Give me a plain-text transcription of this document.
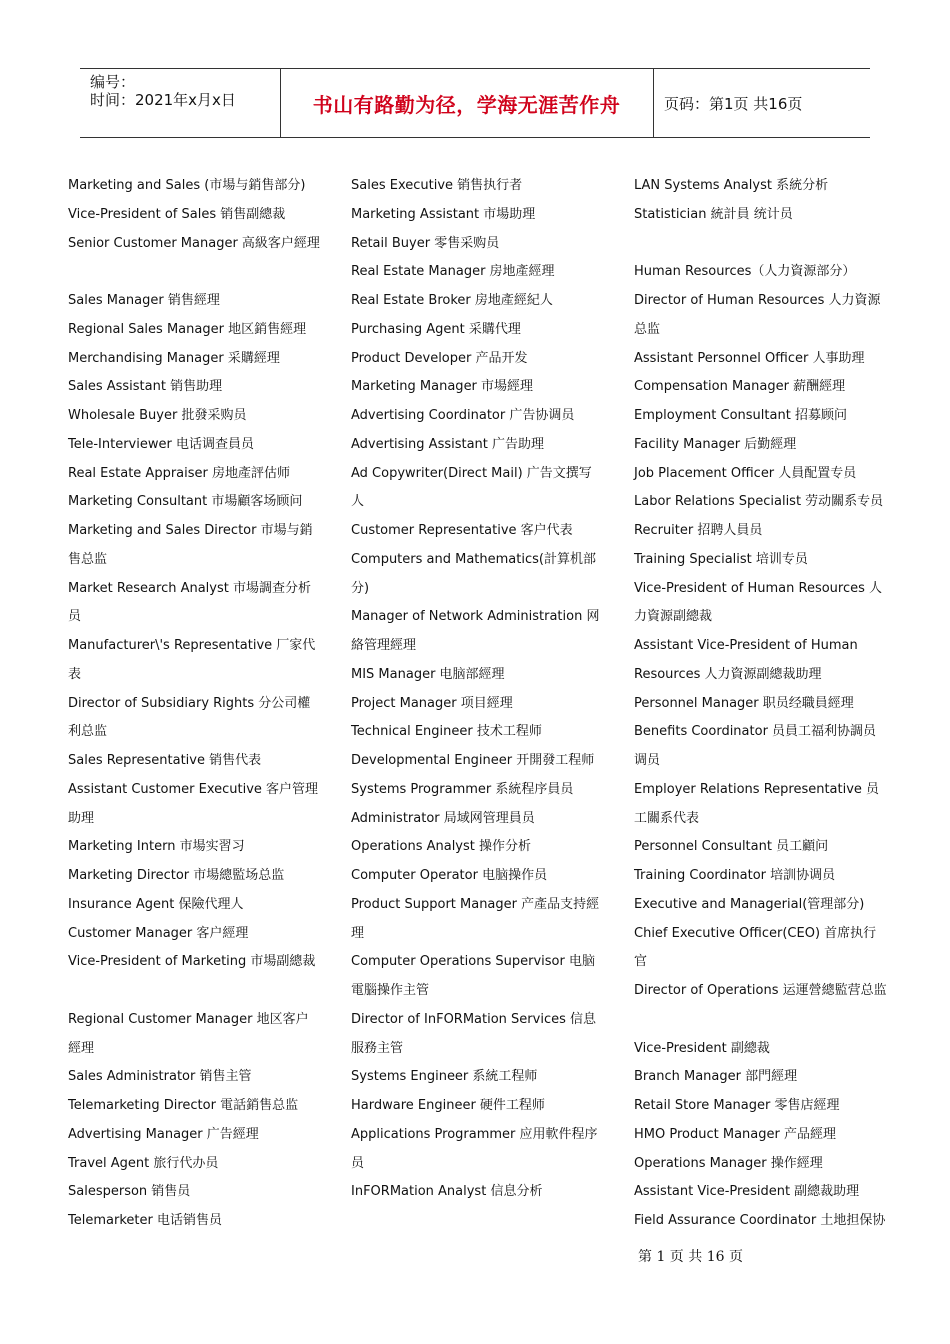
编号：
时间：2021年x月x日	书山有路勤为径，学海无涯苦作舟	页码：第1页 共16页
Marketing and Sales (市場与銷售部分)
Vice-President of Sales 销售副總裁
Senior Customer Manager 高級客户經理
Sales Manager 销售經理
Regional Sales Manager 地区銷售經理
Merchandising Manager 采購經理
Sales Assistant 销售助理
Wholesale Buyer 批發采购员
Tele-Interviewer 电话调查員员
Real Estate Appraiser 房地產評估师
Marketing Consultant 市場顧客场顾问
Marketing and Sales Director 市場与銷
售总监
Market Research Analyst 市場調查分析
员
Manufacturer\'s Representative 厂家代
表
Director of Subsidiary Rights 分公司權
利总监
Sales Representative 销售代表
Assistant Customer Executive 客户管理
助理
Marketing Intern 市場实習习
Marketing Director 市場總監场总监
Insurance Agent 保險代理人
Customer Manager 客户經理
Vice-President of Marketing 市場副總裁
Regional Customer Manager 地区客户
經理
Sales Administrator 销售主管
Telemarketing Director 電話銷售总监
Advertising Manager 广告經理
Travel Agent 旅行代办员
Salesperson 销售员
Telemarketer 电话销售员
Sales Executive 销售执行者
Marketing Assistant 市場助理
Retail Buyer 零售采购员
Real Estate Manager 房地產經理
Real Estate Broker 房地產經紀人
Purchasing Agent 采購代理
Product Developer 产品开发
Marketing Manager 市場經理
Advertising Coordinator 广告协调员
Advertising Assistant 广告助理
Ad Copywriter(Direct Mail) 广告文撰写
人
Customer Representative 客户代表
Computers and Mathematics(計算机部
分)
Manager of Network Administration 网
絡管理經理
MIS Manager 电脑部經理
Project Manager 项目經理
Technical Engineer 技术工程师
Developmental Engineer 开開發工程师
Systems Programmer 系統程序員员
Administrator 局域网管理員员
Operations Analyst 操作分析
Computer Operator 电脑操作员
Product Support Manager 产產品支持經
理
Computer Operations Supervisor 电脑
電腦操作主管
Director of InFORMation Services 信息
服務主管
Systems Engineer 系統工程师
Hardware Engineer 硬件工程师
Applications Programmer 应用軟件程序
员
InFORMation Analyst 信息分析
LAN Systems Analyst 系統分析
Statistician 統計員 统计员
Human Resources（人力資源部分）
Director of Human Resources 人力資源
总监
Assistant Personnel Officer 人事助理
Compensation Manager 薪酬經理
Employment Consultant 招募顾问
Facility Manager 后勤經理
Job Placement Officer 人員配置专员
Labor Relations Specialist 劳动關系专员
Recruiter 招聘人員员
Training Specialist 培训专员
Vice-President of Human Resources 人
力資源副總裁
Assistant Vice-President of Human
Resources 人力資源副總裁助理
Personnel Manager 职员经職員經理
Benefits Coordinator 员員工福利协調员
调员
Employer Relations Representative 员
工關系代表
Personnel Consultant 员工顧问
Training Coordinator 培訓协调员
Executive and Managerial(管理部分)
Chief Executive Officer(CEO) 首席执行
官
Director of Operations 运運營總監营总监
Vice-President 副總裁
Branch Manager 部門經理
Retail Store Manager 零售店經理
HMO Product Manager 产品經理
Operations Manager 操作經理
Assistant Vice-President 副總裁助理
Field Assurance Coordinator 土地担保协
第 1 页 共 16 页
